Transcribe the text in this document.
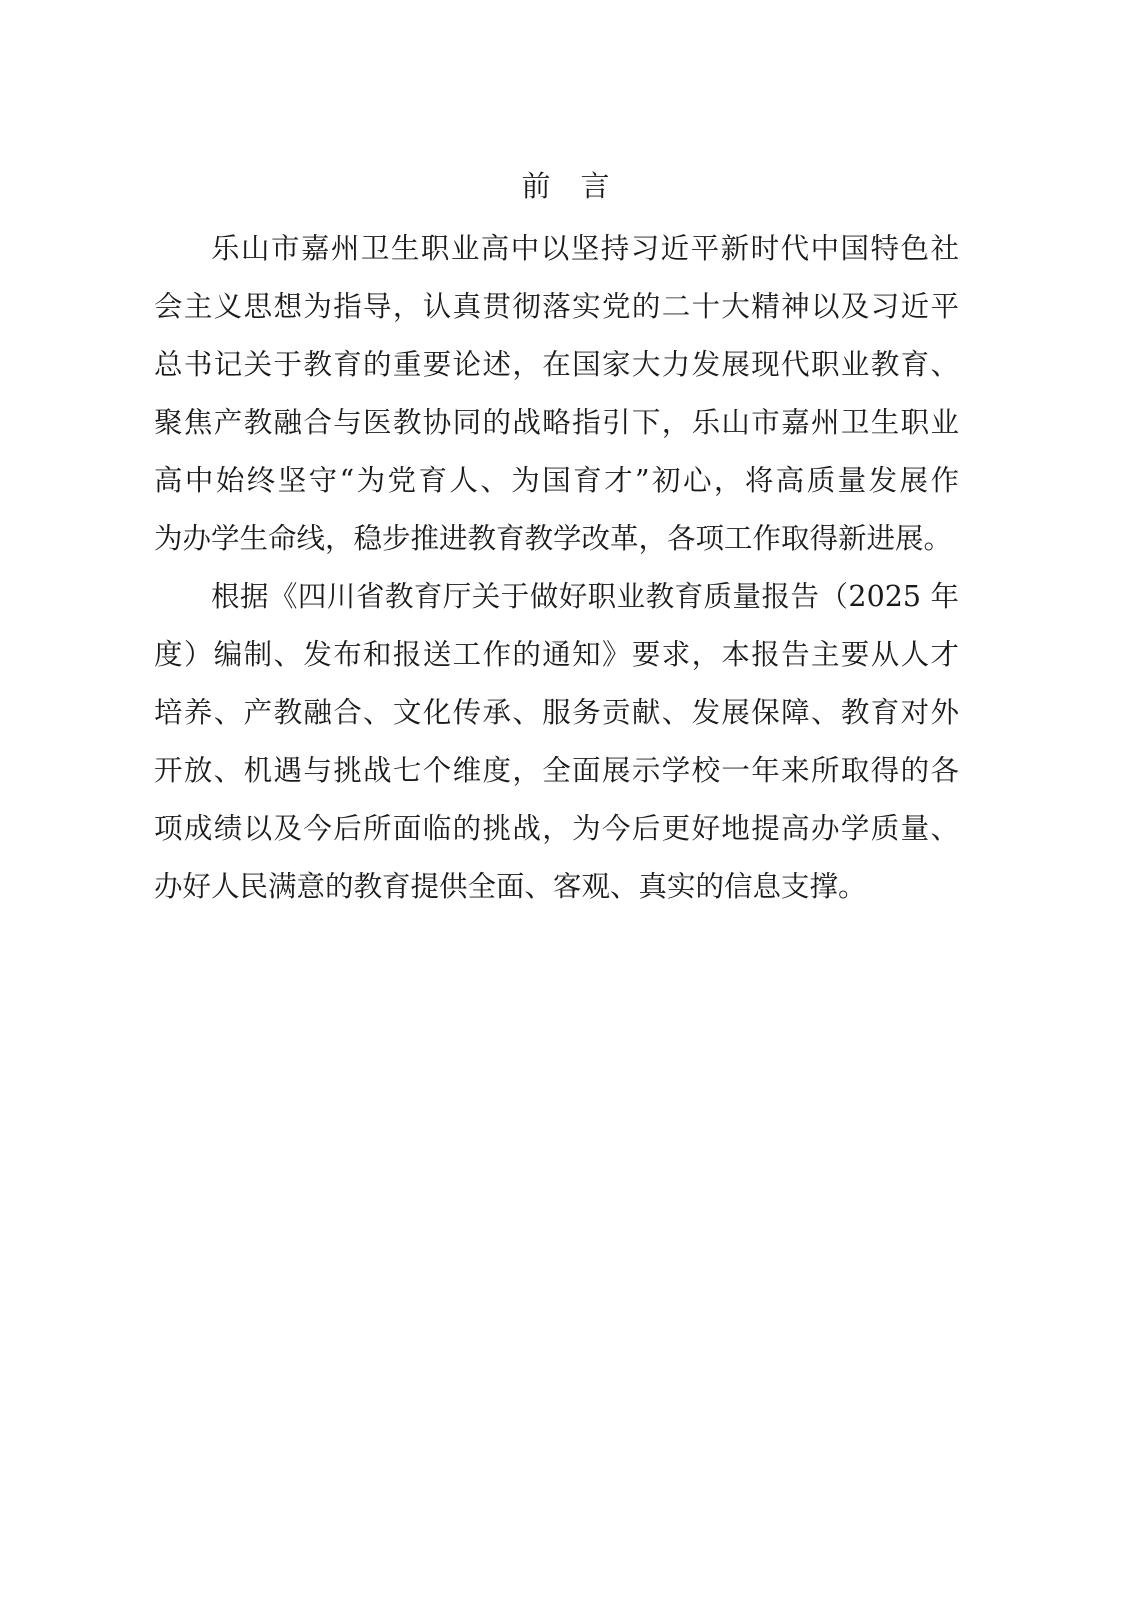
前 言
乐山市嘉州卫生职业高中以坚持习近平新时代中国特色社
会主义思想为指导，认真贯彻落实党的二十大精神以及习近平
总书记关于教育的重要论述，在国家大力发展现代职业教育、
聚焦产教融合与医教协同的战略指引下，乐山市嘉州卫生职业
高中始终坚守“为党育人、为国育才”初心，将高质量发展作
为办学生命线，稳步推进教育教学改革，各项工作取得新进展。
根据《四川省教育厅关于做好职业教育质量报告（2025 年
度）编制、发布和报送工作的通知》要求，本报告主要从人才
培养、产教融合、文化传承、服务贡献、发展保障、教育对外
开放、机遇与挑战七个维度，全面展示学校一年来所取得的各
项成绩以及今后所面临的挑战，为今后更好地提高办学质量、
办好人民满意的教育提供全面、客观、真实的信息支撑。
